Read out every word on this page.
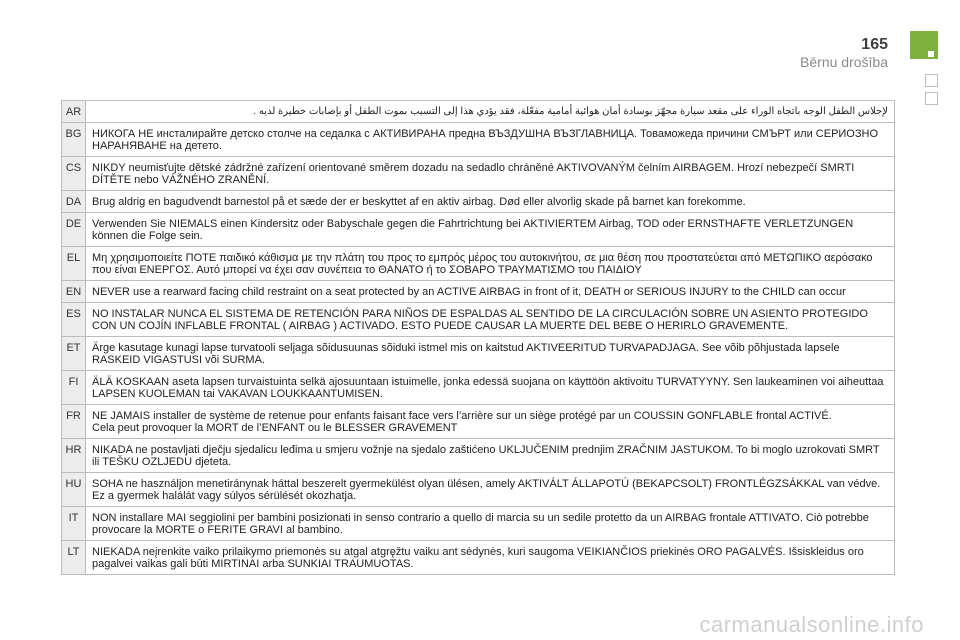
165
Bērnu drošība
AR	لإجلاس الطفل الوجه باتجاه الوراء على مقعد سيارة مجهّز بوسادة أمان هوائية أمامية مفعّلة، فقد يؤدي هذا إلى التسبب بموت الطفل أو بإصابات خطيرة لديه .
BG	НИКОГА НЕ инсталирайте детско столче на седалка с АКТИВИРАНА предна ВЪЗДУШНА ВЪЗГЛАВНИЦА. Товаможеда причини СМЪРТ или СЕРИОЗНО НАРАНЯВАНЕ на детето.
CS	NIKDY neumisťujte dětské zádržné zařízení orientované směrem dozadu na sedadlo chráněné AKTIVOVANÝM čelním AIRBAGEM. Hrozí nebezpečí SMRTI DÍTĚTE nebo VÁŽNÉHO ZRANĚNÍ.
DA	Brug aldrig en bagudvendt barnestol på et sæde der er beskyttet af en aktiv airbag. Død eller alvorlig skade på barnet kan forekomme.
DE	Verwenden Sie NIEMALS einen Kindersitz oder Babyschale gegen die Fahrtrichtung bei AKTIVIERTEM Airbag, TOD oder ERNSTHAFTE VERLETZUNGEN können die Folge sein.
EL	Μη χρησιμοποιείτε ΠΟΤΕ παιδικό κάθισμα με την πλάτη του προς το εμπρός μέρος του αυτοκινήτου, σε μια θέση που προστατεύεται από ΜΕΤΩΠΙΚΟ αερόσακο που είναι ΕΝΕΡΓΟΣ. Αυτό μπορεί να έχει σαν συνέπεια το ΘΑΝΑΤΟ ή το ΣΟΒΑΡΟ ΤΡΑΥΜΑΤΙΣΜΟ του ΠΑΙΔΙΟΥ
EN	NEVER use a rearward facing child restraint on a seat protected by an ACTIVE AIRBAG in front of it, DEATH or SERIOUS INJURY to the CHILD can occur
ES	NO INSTALAR NUNCA EL SISTEMA DE RETENCIÓN PARA NIÑOS DE ESPALDAS AL SENTIDO DE LA CIRCULACIÓN SOBRE UN ASIENTO PROTEGIDO CON UN COJÍN INFLABLE FRONTAL ( AIRBAG ) ACTIVADO. ESTO PUEDE CAUSAR LA MUERTE DEL BEBE O HERIRLO GRAVEMENTE.
ET	Ärge kasutage kunagi lapse turvatooli seljaga sõidusuunas sõiduki istmel mis on kaitstud AKTIVEERITUD TURVAPADJAGA. See võib põhjustada lapsele RASKEID VIGASTUSI või SURMA.
FI	ÄLÄ KOSKAAN aseta lapsen turvaistuinta selkä ajosuuntaan istuimelle, jonka edessä suojana on käyttöön aktivoitu TURVATYYNY. Sen laukeaminen voi aiheuttaa LAPSEN KUOLEMAN tai VAKAVAN LOUKKAANTUMISEN.
FR	NE JAMAIS installer de système de retenue pour enfants faisant face vers l’arrière sur un siège protégé par un COUSSIN GONFLABLE frontal ACTIVÉ.
Cela peut provoquer la MORT de l’ENFANT ou le BLESSER GRAVEMENT
HR	NIKADA ne postavljati dječju sjedalicu leđima u smjeru vožnje na sjedalo zaštićeno UKLJUČENIM prednjim ZRAČNIM JASTUKOM. To bi moglo uzrokovati SMRT ili TEŠKU OZLJEDU djeteta.
HU	SOHA ne használjon menetiránynak háttal beszerelt gyermekülést olyan ülésen, amely AKTIVÁLT ÁLLAPOTÚ (BEKAPCSOLT) FRONTLÉGZSÁKKAL van védve. Ez a gyermek halálát vagy súlyos sérülését okozhatja.
IT	NON installare MAI seggiolini per bambini posizionati in senso contrario a quello di marcia su un sedile protetto da un AIRBAG frontale ATTIVATO. Ciò potrebbe provocare la MORTE o FERITE GRAVI al bambino.
LT	NIEKADA neįrenkite vaiko prilaikymo priemonės su atgal atgręžtu vaiku ant sėdynės, kuri saugoma VEIKIANČIOS priekinės ORO PAGALVĖS. Išsiskleidus oro pagalvei vaikas gali būti MIRTINAI arba SUNKIAI TRAUMUOTAS.
carmanualsonline.info
